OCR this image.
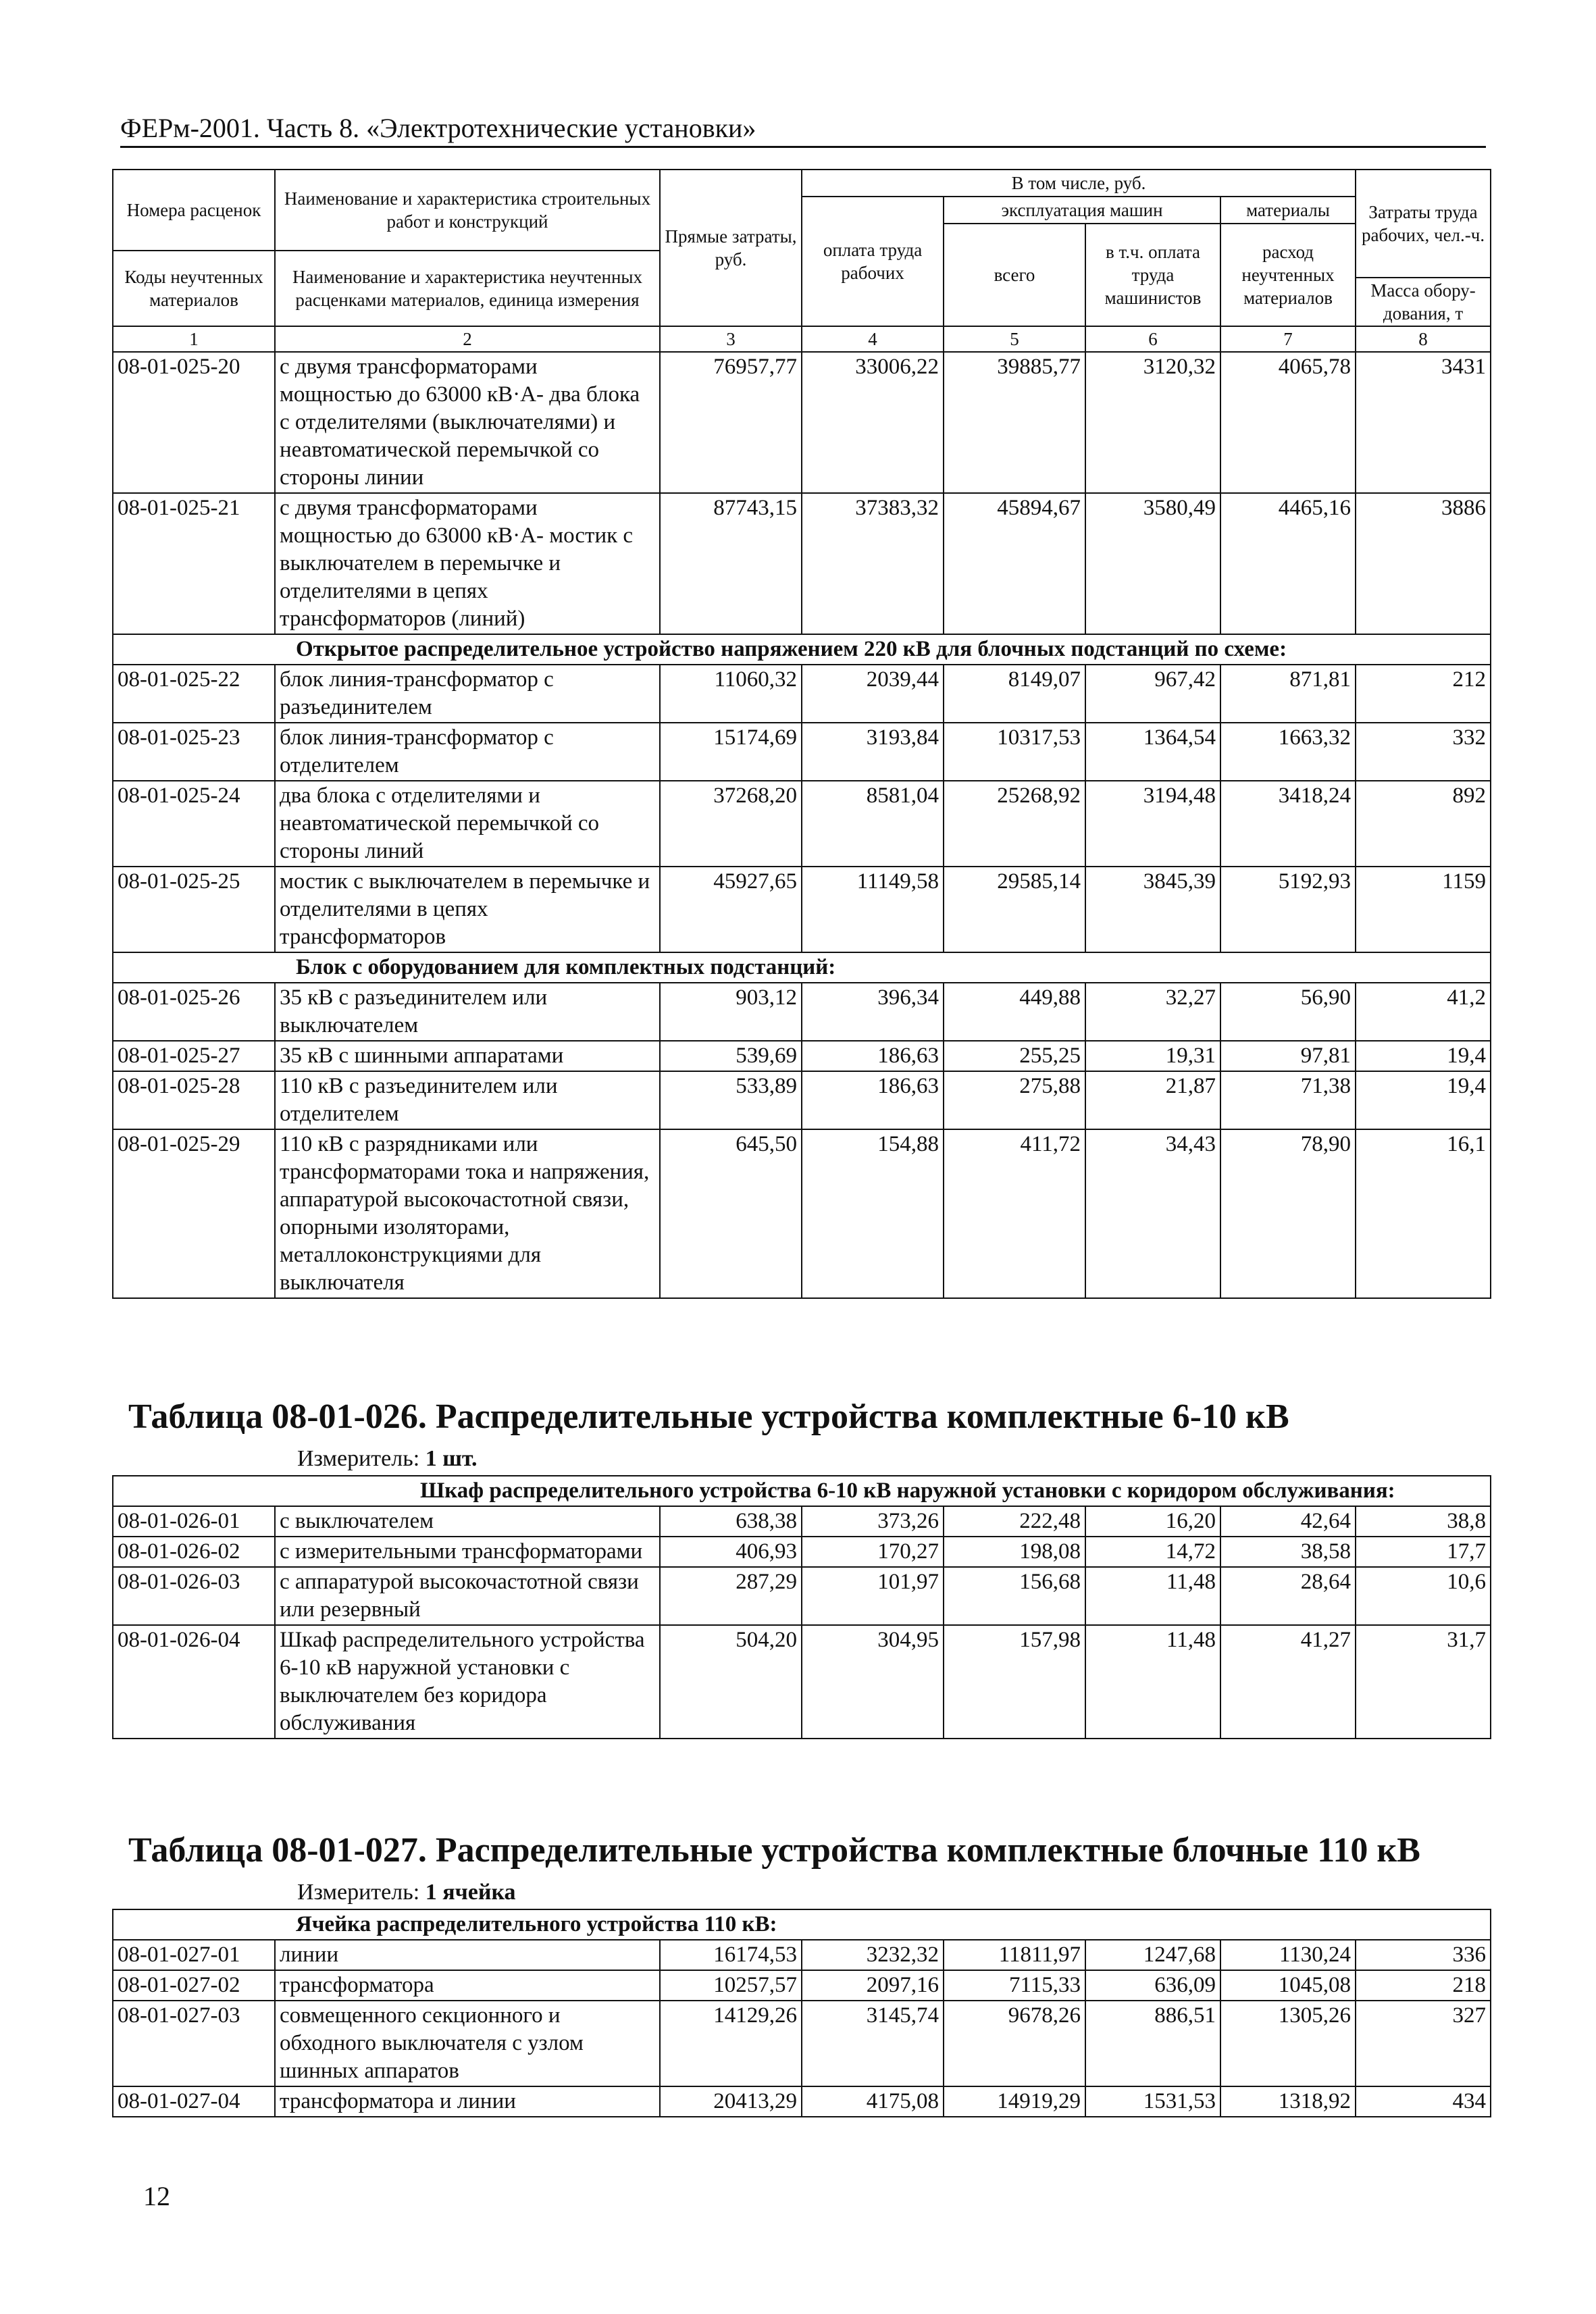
ФЕРм-2001. Часть 8. «Электротехнические установки»
Номера расценок	Наименование и характеристика строительных работ и конструкций	Прямые затраты, руб.	В том числе, руб.				Затраты труда рабочих, чел.-ч.
			оплата труда рабочих	эксплуатация машин		материалы	
				всего	в т.ч. оплата труда машинистов	расход неучтенных материалов	
Коды неучтенных материалов	Наименование и характеристика неучтенных расценками материалов, единица измерения						
							Масса обору-дования, т

1	2	3	4	5	6	7	8
08-01-025-20	с двумя трансформаторами мощностью до 63000 кВ·А- два блока с отделителями (выключателями) и неавтоматической перемычкой со стороны линии	76957,77	33006,22	39885,77	3120,32	4065,78	3431
08-01-025-21	с двумя трансформаторами мощностью до 63000 кВ·А- мостик с выключателем в перемычке и отделителями в цепях трансформаторов (линий)	87743,15	37383,32	45894,67	3580,49	4465,16	3886
Открытое распределительное устройство напряжением 220 кВ для блочных подстанций по схеме:							
08-01-025-22	блок линия-трансформатор с разъединителем	11060,32	2039,44	8149,07	967,42	871,81	212
08-01-025-23	блок линия-трансформатор с отделителем	15174,69	3193,84	10317,53	1364,54	1663,32	332
08-01-025-24	два блока с отделителями и неавтоматической перемычкой со стороны линий	37268,20	8581,04	25268,92	3194,48	3418,24	892
08-01-025-25	мостик с выключателем в перемычке и отделителями в цепях трансформаторов	45927,65	11149,58	29585,14	3845,39	5192,93	1159
Блок с оборудованием для комплектных подстанций:							
08-01-025-26	35 кВ с разъединителем или выключателем	903,12	396,34	449,88	32,27	56,90	41,2
08-01-025-27	35 кВ с шинными аппаратами	539,69	186,63	255,25	19,31	97,81	19,4
08-01-025-28	110 кВ с разъединителем или отделителем	533,89	186,63	275,88	21,87	71,38	19,4
08-01-025-29	110 кВ с разрядниками или трансформаторами тока и напряжения, аппаратурой высокочастотной связи, опорными изоляторами, металлоконструкциями для выключателя	645,50	154,88	411,72	34,43	78,90	16,1
Таблица 08-01-026. Распределительные устройства комплектные 6-10 кВ
Измеритель: 1 шт.
Шкаф распределительного устройства 6-10 кВ наружной установки с коридором обслуживания:							
08-01-026-01	с выключателем	638,38	373,26	222,48	16,20	42,64	38,8
08-01-026-02	с измерительными трансформаторами	406,93	170,27	198,08	14,72	38,58	17,7
08-01-026-03	с аппаратурой высокочастотной связи или резервный	287,29	101,97	156,68	11,48	28,64	10,6
08-01-026-04	Шкаф распределительного устройства 6-10 кВ наружной установки с выключателем без коридора обслуживания	504,20	304,95	157,98	11,48	41,27	31,7
Таблица 08-01-027. Распределительные устройства комплектные блочные 110 кВ
Измеритель: 1 ячейка
Ячейка распределительного устройства 110 кВ:							
08-01-027-01	линии	16174,53	3232,32	11811,97	1247,68	1130,24	336
08-01-027-02	трансформатора	10257,57	2097,16	7115,33	636,09	1045,08	218
08-01-027-03	совмещенного секционного и обходного выключателя с узлом шинных аппаратов	14129,26	3145,74	9678,26	886,51	1305,26	327
08-01-027-04	трансформатора и линии	20413,29	4175,08	14919,29	1531,53	1318,92	434
12
